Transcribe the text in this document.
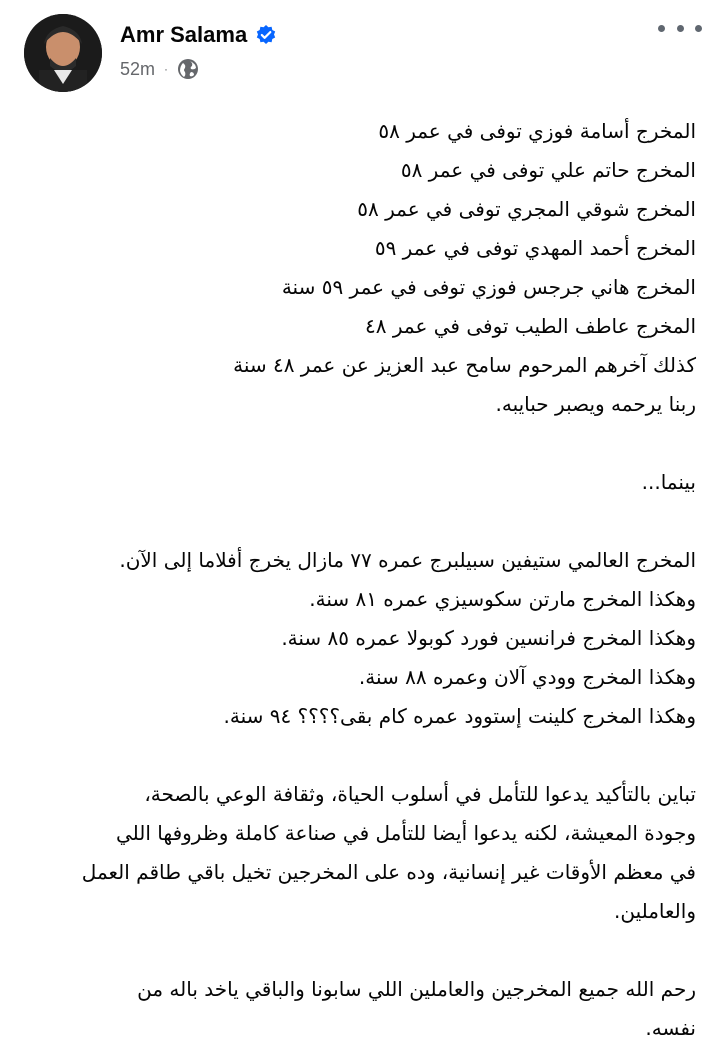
Amr Salama
52m ·
المخرج أسامة فوزي توفى في عمر ٥٨
المخرج حاتم علي توفى في عمر ٥٨
المخرج شوقي المجري توفى في عمر ٥٨
المخرج أحمد المهدي توفى في عمر ٥٩
المخرج هاني جرجس فوزي توفى في عمر ٥٩ سنة
المخرج عاطف الطيب توفى في عمر ٤٨
كذلك آخرهم المرحوم سامح عبد العزيز عن عمر ٤٨ سنة
ربنا يرحمه ويصبر حبايبه.
بينما...
المخرج العالمي ستيفين سبيلبرج عمره ٧٧ مازال يخرج أفلاما إلى الآن.
وهكذا المخرج مارتن سكوسيزي عمره ٨١ سنة.
وهكذا المخرج فرانسين فورد كوبولا عمره ٨٥ سنة.
وهكذا المخرج وودي آلان وعمره ٨٨ سنة.
وهكذا المخرج كلينت إستوود عمره كام بقى؟؟؟؟ ٩٤ سنة.
تباين بالتأكيد يدعوا للتأمل في أسلوب الحياة، وثقافة الوعي بالصحة،
وجودة المعيشة، لكنه يدعوا أيضا للتأمل في صناعة كاملة وظروفها اللي
في معظم الأوقات غير إنسانية، وده على المخرجين تخيل باقي طاقم العمل
والعاملين.
رحم الله جميع المخرجين والعاملين اللي سابونا والباقي ياخد باله من
نفسه.
